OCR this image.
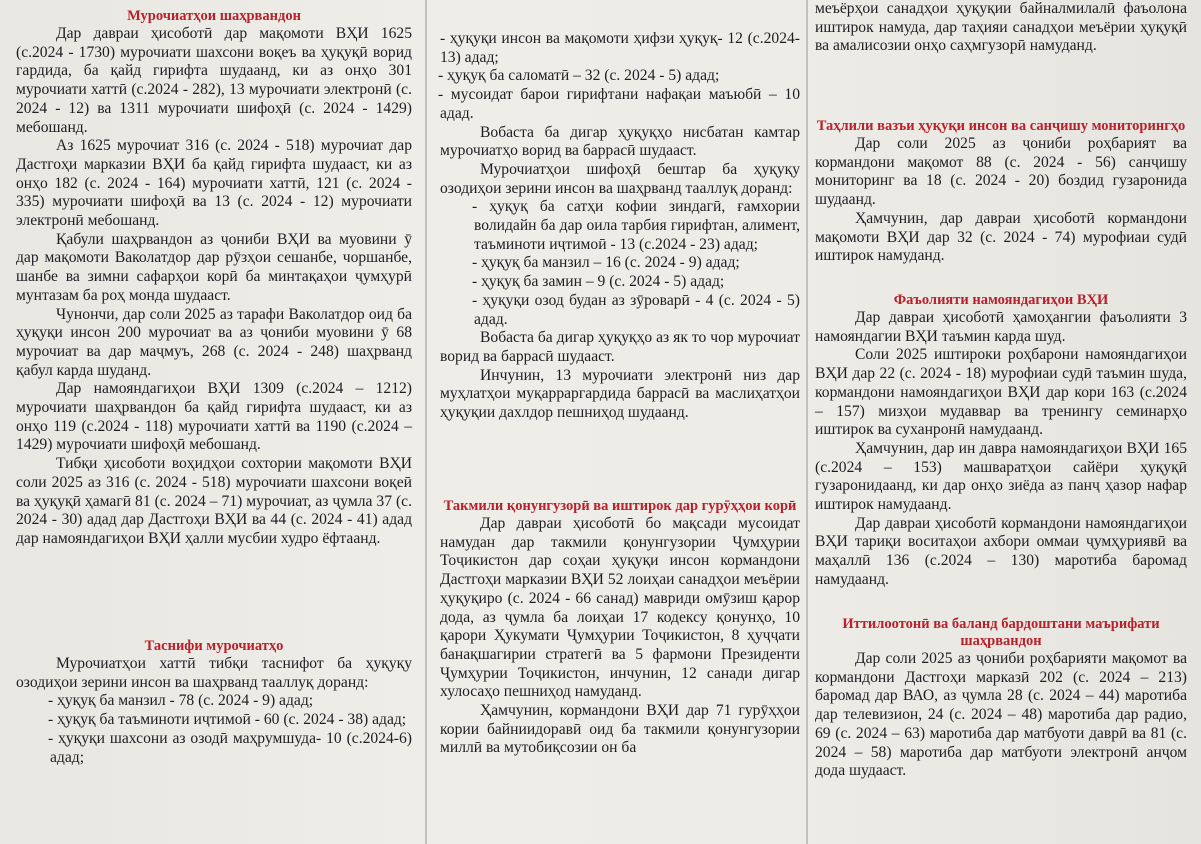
Мурочиатҳои шаҳрвандон

Дар давраи ҳисоботӣ дар мақомоти ВҲИ 1625 (с.2024 - 1730) мурочиати шахсони воқеъ ва ҳуқуқӣ ворид гардида, ба қайд гирифта шудаанд, ки аз онҳо 301 мурочиати хаттӣ (с.2024 - 282), 13 мурочиати электронӣ (с. 2024 - 12) ва 1311 мурочиати шифоҳӣ (с. 2024 - 1429) мебошанд.

Аз 1625 мурочиат 316 (с. 2024 - 518) мурочиат дар Дастгоҳи марказии ВҲИ ба қайд гирифта шудааст, ки аз онҳо 182 (с. 2024 - 164) мурочиати хаттӣ, 121 (с. 2024 - 335) мурочиати шифоҳӣ ва 13 (с. 2024 - 12) мурочиати электронӣ мебошанд.

Қабули шаҳрвандон аз ҷониби ВҲИ ва муовини ӯ дар мақомоти Ваколатдор дар рӯзҳои сешанбе, чоршанбе, шанбе ва зимни сафарҳои корӣ ба минтақаҳои ҷумҳурӣ мунтазам ба роҳ монда шудааст.

Чунончи, дар соли 2025 аз тарафи Ваколатдор оид ба ҳуқуқи инсон 200 мурочиат ва аз ҷониби муовини ӯ 68 мурочиат ва дар маҷмуъ, 268 (с. 2024 - 248) шаҳрванд қабул карда шуданд.

Дар намояндагиҳои ВҲИ 1309 (с.2024 – 1212) мурочиати шаҳрвандон ба қайд гирифта шудааст, ки аз онҳо 119 (с.2024 - 118) мурочиати хаттӣ ва 1190 (с.2024 – 1429) мурочиати шифоҳӣ мебошанд.

Тибқи ҳисоботи воҳидҳои сохтории мақомоти ВҲИ соли 2025 аз 316 (с. 2024 - 518) мурочиати шахсони воқеӣ ва ҳуқуқӣ ҳамагӣ 81 (с. 2024 – 71) мурочиат, аз ҷумла 37 (с. 2024 - 30) адад дар Дастгоҳи ВҲИ ва 44 (с. 2024 - 41) адад дар намояндагиҳои ВҲИ ҳалли мусбии худро ёфтаанд.

Таснифи мурочиатҳо

Мурочиатҳои хаттӣ тибқи таснифот ба ҳуқуқу озодиҳои зерини инсон ва шаҳрванд тааллуқ доранд:

- ҳуқуқ ба манзил - 78 (с. 2024 - 9) адад;

- ҳуқуқ ба таъминоти иҷтимоӣ - 60 (с. 2024 - 38) адад;

- ҳуқуқи шахсони аз озодӣ маҳрумшуда- 10 (с.2024-6) адад;

- ҳуқуқи инсон ва мақомоти ҳифзи ҳуқуқ- 12 (с.2024-13) адад;

- ҳуқуқ ба саломатӣ – 32 (с. 2024 - 5) адад;

- мусоидат барои гирифтани нафақаи маъюбӣ – 10 адад.

Вобаста ба дигар ҳуқуқҳо нисбатан камтар мурочиатҳо ворид ва баррасӣ шудааст.

Мурочиатҳои шифоҳӣ бештар ба ҳуқуқу озодиҳои зерини инсон ва шаҳрванд тааллуқ доранд:

- ҳуқуқ ба сатҳи кофии зиндагӣ, ғамхории волидайн ба дар оила тарбия гирифтан, алимент, таъминоти иҷтимоӣ - 13 (с.2024 - 23) адад;

- ҳуқуқ ба манзил – 16 (с. 2024 - 9) адад;

- ҳуқуқ ба замин – 9 (с. 2024 - 5) адад;

- ҳуқуқи озод будан аз зӯроварӣ - 4 (с. 2024 - 5) адад.

Вобаста ба дигар ҳуқуқҳо аз як то чор мурочиат ворид ва баррасӣ шудааст.

Инчунин, 13 мурочиати электронӣ низ дар муҳлатҳои муқарраргардида баррасӣ ва маслиҳатҳои ҳуқуқии дахлдор пешниҳод шудаанд.

Такмили қонунгузорӣ ва иштирок дар гурӯҳҳои корӣ

Дар давраи ҳисоботӣ бо мақсади мусоидат намудан дар такмили қонунгузории Ҷумҳурии Тоҷикистон дар соҳаи ҳуқуқи инсон кормандони Дастгоҳи марказии ВҲИ 52 лоиҳаи санадҳои меъёрии ҳуқуқиро (с. 2024 - 66 санад) мавриди омӯзиш қарор дода, аз ҷумла ба лоиҳаи 17 кодексу қонунҳо, 10 қарори Ҳукумати Ҷумҳурии Тоҷикистон, 8 ҳуҷҷати банақшагирии стратегӣ ва 5 фармони Президенти Ҷумҳурии Тоҷикистон, инчунин, 12 санади дигар хулосаҳо пешниҳод намуданд.

Ҳамчунин, кормандони ВҲИ дар 71 гурӯҳҳои кории байниидоравӣ оид ба такмили қонунгузории миллӣ ва мутобиқсозии он ба

меъёрҳои санадҳои ҳуқуқии байналмилалӣ фаъолона иштирок намуда, дар таҳияи санадҳои меъёрии ҳуқуқӣ ва амалисозии онҳо саҳмгузорӣ намуданд.

Таҳлили вазъи ҳуқуқи инсон ва санҷишу мониторингҳо

Дар соли 2025 аз ҷониби роҳбарият ва кормандони мақомот 88 (с. 2024 - 56) санҷишу мониторинг ва 18 (с. 2024 - 20) боздид гузаронида шудаанд.

Ҳамчунин, дар давраи ҳисоботӣ кормандони мақомоти ВҲИ дар 32 (с. 2024 - 74) мурофиаи судӣ иштирок намуданд.

Фаъолияти намояндагиҳои ВҲИ

Дар давраи ҳисоботӣ ҳамоҳангии фаъолияти 3 намояндагии ВҲИ таъмин карда шуд.

Соли 2025 иштироки роҳбарони намояндагиҳои ВҲИ дар 22 (с. 2024 - 18) мурофиаи судӣ таъмин шуда, кормандони намояндагиҳои ВҲИ дар кори 163 (с.2024 – 157) мизҳои мудаввар ва тренингу семинарҳо иштирок ва суханронӣ намудаанд.

Ҳамчунин, дар ин давра намояндагиҳои ВҲИ 165 (с.2024 – 153) машваратҳои сайёри ҳуқуқӣ гузаронидаанд, ки дар онҳо зиёда аз панҷ ҳазор нафар иштирок намудаанд.

Дар давраи ҳисоботӣ кормандони намояндагиҳои ВҲИ тариқи воситаҳои ахбори оммаи ҷумҳуриявӣ ва маҳаллӣ 136 (с.2024 – 130) маротиба баромад намудаанд.

Иттилоотонӣ ва баланд бардоштани маърифати шаҳрвандон

Дар соли 2025 аз ҷониби роҳбарияти мақомот ва кормандони Дастгоҳи марказӣ 202 (с. 2024 – 213) баромад дар ВАО, аз ҷумла 28 (с. 2024 – 44) маротиба дар телевизион, 24 (с. 2024 – 48) маротиба дар радио, 69 (с. 2024 – 63) маротиба дар матбуоти даврӣ ва 81 (с. 2024 – 58) маротиба дар матбуоти электронӣ анҷом дода шудааст.
